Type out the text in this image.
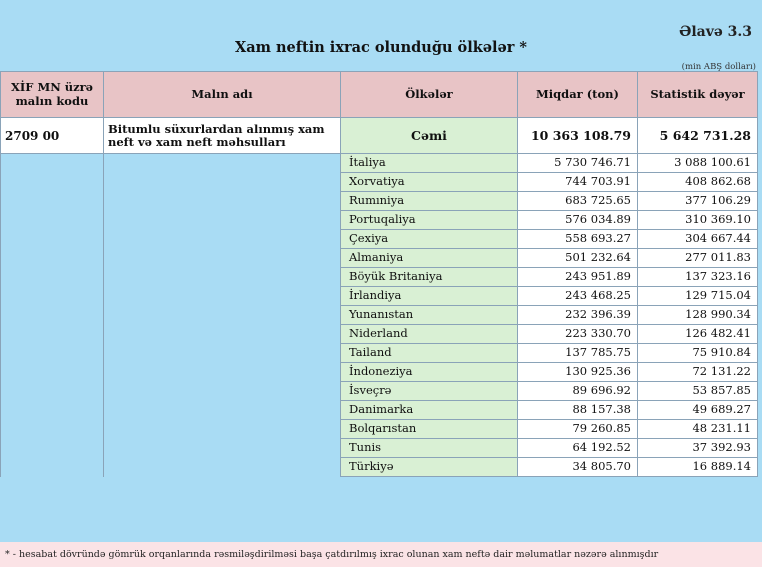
Əlavə 3.3
Xam neftin ixrac olunduğu ölkələr *
(min ABŞ dolları)
XİF MN üzrə malın kodu	Malın adı	Ölkələr	Miqdar (ton)	Statistik dəyər
2709 00	Bitumlu süxurlardan alınmış xam neft və xam neft məhsulları	Cəmi	10 363 108.79	5 642 731.28
		İtaliya	5 730 746.71	3 088 100.61
		Xorvatiya	744 703.91	408 862.68
		Rumıniya	683 725.65	377 106.29
		Portuqaliya	576 034.89	310 369.10
		Çexiya	558 693.27	304 667.44
		Almaniya	501 232.64	277 011.83
		Böyük Britaniya	243 951.89	137 323.16
		İrlandiya	243 468.25	129 715.04
		Yunanıstan	232 396.39	128 990.34
		Niderland	223 330.70	126 482.41
		Tailand	137 785.75	75 910.84
		İndoneziya	130 925.36	72 131.22
		İsveçrə	89 696.92	53 857.85
		Danimarka	88 157.38	49 689.27
		Bolqarıstan	79 260.85	48 231.11
		Tunis	64 192.52	37 392.93
		Türkiyə	34 805.70	16 889.14
* - hesabat dövründə gömrük orqanlarında rəsmiləşdirilməsi başa çatdırılmış ixrac olunan xam neftə dair məlumatlar nəzərə alınmışdır
